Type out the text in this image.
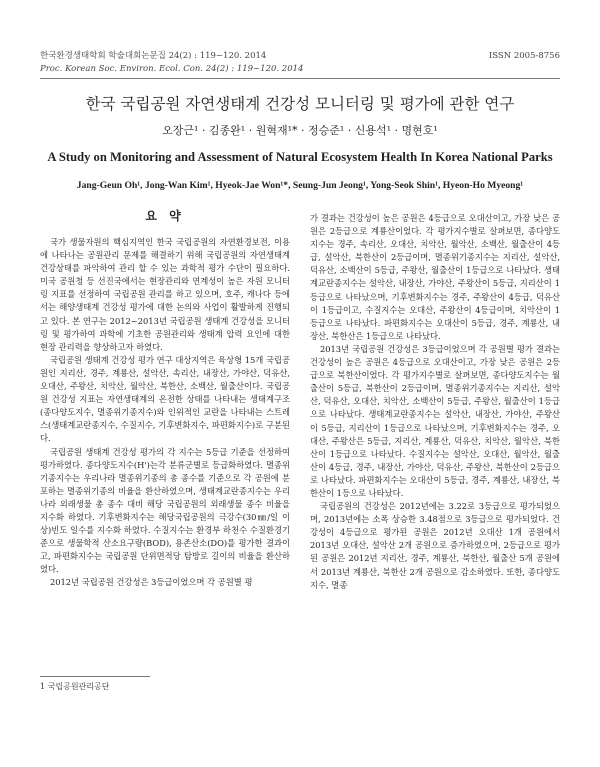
한국환경생태학회 학술대회논문집 24(2) : 119~120. 2014	ISSN 2005-8756
Proc. Korean Soc. Environ. Ecol. Con. 24(2) : 119~120. 2014
한국 국립공원 자연생태계 건강성 모니터링 및 평가에 관한 연구
오장근¹ · 김종완¹ · 원혁재¹* · 정승준¹ · 신용석¹ · 명현호¹
A Study on Monitoring and Assessment of Natural Ecosystem Health In Korea National Parks
Jang-Geun Oh¹, Jong-Wan Kim¹, Hyeok-Jae Won¹*, Seung-Jun Jeong¹, Yong-Seok Shin¹, Hyeon-Ho Myeong¹
요 약

국가 생물자원의 핵심지역인 한국 국립공원의 자연환경보전, 이용에 나타나는 공원관리 문제를 해결하기 위해 국립공원의 자연생태계 건강상태를 파악하여 관리 할 수 있는 과학적 평가 수단이 필요하다. 미국 공원청 등 선진국에서는 현장관리와 연계성이 높은 자원 모니터링 지표를 선정하여 국립공원 관리를 하고 있으며, 호주, 캐나다 등에서는 해양생태계 건강성 평가에 대한 논의와 사업이 활발하게 진행되고 있다. 본 연구는 2012~2013년 국립공원 생태계 건강성을 모니터링 및 평가하여 과학에 기초한 공원관리와 생태계 압력 요인에 대한 현장 관리력을 향상하고자 하였다.

국립공원 생태계 건강성 평가 연구 대상지역은 육상형 15개 국립공원인 지리산, 경주, 계룡산, 설악산, 속리산, 내장산, 가야산, 덕유산, 오대산, 주왕산, 치악산, 월악산, 북한산, 소백산, 월출산이다. 국립공원 건강성 지표는 자연생태계의 온전한 상태를 나타내는 생태계구조(종다양도지수, 멸종위기종지수)와 인위적인 교란을 나타내는 스트레스(생태계교란종지수, 수질지수, 기후변화지수, 파편화지수)로 구분된다.

국립공원 생태계 건강성 평가의 각 지수는 5등급 기준을 선정하여 평가하였다. 종다양도지수(H')는각 분류군별로 등급화하였다. 멸종위기종지수는 우리나라 멸종위기종의 총 종수를 기준으로 각 공원에 분포하는 멸종위기종의 비율을 환산하였으며, 생태계교란종지수는 우리나라 외래생물 총 종수 대비 해당 국립공원의 외래생물 종수 비율을 지수화 하였다. 기후변화지수는 해당국립공원의 극강수(30㎜/일 이상)빈도 일수를 지수화 하였다. 수질지수는 환경부 하천수 수질환경기준으로 생물학적 산소요구량(BOD), 용존산소(DO)를 평가한 결과이고, 파편화지수는 국립공원 단위면적당 탐방로 길이의 비율을 환산하였다.

2012년 국립공원 건강성은 3등급이었으며 각 공원별 평

가 결과는 건강성이 높은 공원은 4등급으로 오대산이고, 가장 낮은 공원은 2등급으로 계룡산이었다. 각 평가지수별로 살펴보면, 종다양도지수는 경주, 속리산, 오대산, 치악산, 월악산, 소백산, 월출산이 4등급, 설악산, 북한산이 2등급이며, 멸종위기종지수는 지리산, 설악산, 덕유산, 소백산이 5등급, 주왕산, 월출산이 1등급으로 나타났다. 생태계교란종지수는 설악산, 내장산, 가야산, 주왕산이 5등급, 지리산이 1등급으로 나타났으며, 기후변화지수는 경주, 주왕산이 4등급, 덕유산이 1등급이고, 수질지수는 오대산, 주왕산이 4등급이며, 치악산이 1등급으로 나타났다. 파편화지수는 오대산이 5등급, 경주, 계룡산, 내장산, 북한산은 1등급으로 나타났다.

2013년 국립공원 건강성은 3등급이었으며 각 공원별 평가 결과는 건강성이 높은 공원은 4등급으로 오대산이고, 가장 낮은 공원은 2등급으로 북한산이었다. 각 평가지수별로 살펴보면, 종다양도지수는 월출산이 5등급, 북한산이 2등급이며, 멸종위기종지수는 지리산, 설악산, 덕유산, 오대산, 치악산, 소백산이 5등급, 주왕산, 월출산이 1등급으로 나타났다. 생태계교란종지수는 설악산, 내장산, 가야산, 주왕산이 5등급, 지리산이 1등급으로 나타났으며, 기후변화지수는 경주, 오대산, 주왕산은 5등급, 지리산, 계룡산, 덕유산, 치악산, 월악산, 북한산이 1등급으로 나타났다. 수질지수는 설악산, 오대산, 월악산, 월출산이 4등급, 경주, 내장산, 가야산, 덕유산, 주왕산, 북한산이 2등급으로 나타났다. 파편화지수는 오대산이 5등급, 경주, 계룡산, 내장산, 북한산이 1등으로 나타났다.

국립공원의 건강성은 2012년에는 3.22로 3등급으로 평가되었으며, 2013년에는 소폭 상승한 3.48점으로 3등급으로 평가되었다. 건강성이 4등급으로 평가된 공원은 2012년 오대산 1개 공원에서 2013년 오대산, 설악산 2개 공원으로 증가하였으며, 2등급으로 평가된 공원은 2012년 지리산, 경주, 계룡산, 북한산, 월출산 5개 공원에서 2013년 계룡산, 북한산 2개 공원으로 감소하였다. 또한, 종다양도지수, 멸종

1 국립공원관리공단
